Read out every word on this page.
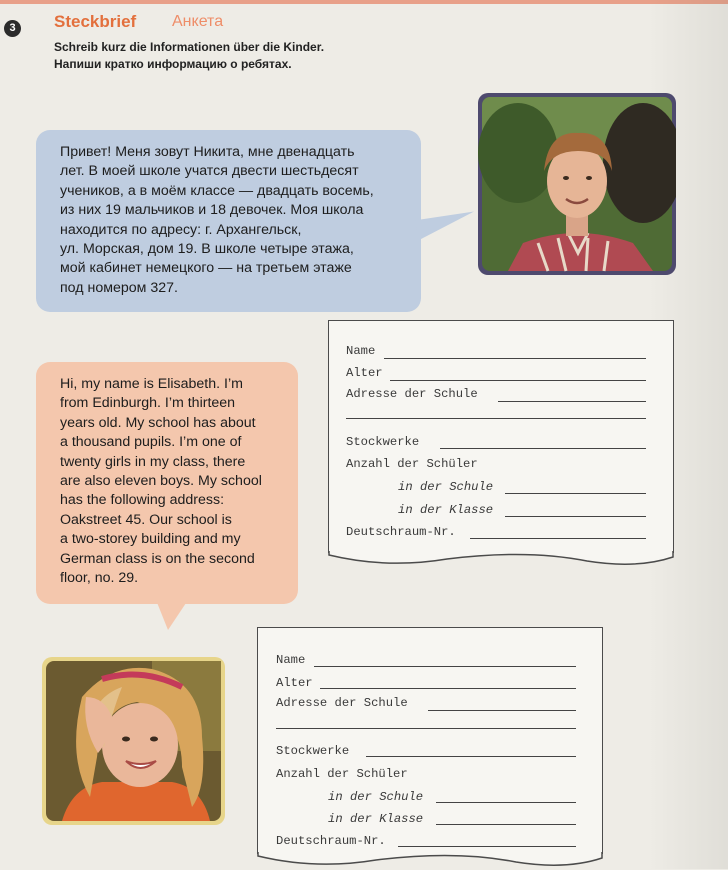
3	Steckbrief Анкета
Schreib kurz die Informationen über die Kinder.
Напиши кратко информацию о ребятах.
Привет! Меня зовут Никита, мне двенадцать
лет. В моей школе учатся двести шестьдесят
учеников, а в моём классе — двадцать восемь,
из них 19 мальчиков и 18 девочек. Моя школа
находится по адресу: г. Архангельск,
ул. Морская, дом 19. В школе четыре этажа,
мой кабинет немецкого — на третьем этаже
под номером 327.
Hi, my name is Elisabeth. I’m
from Edinburgh. I’m thirteen
years old. My school has about
a thousand pupils. I’m one of
twenty girls in my class, there
are also eleven boys. My school
has the following address:
Oakstreet 45. Our school is
a two-storey building and my
German class is on the second
floor, no. 29.
Name
Alter
Adresse der Schule
Stockwerke
Anzahl der Schüler
in der Schule
in der Klasse
Deutschraum-Nr.
Name
Alter
Adresse der Schule
Stockwerke
Anzahl der Schüler
in der Schule
in der Klasse
Deutschraum-Nr.
